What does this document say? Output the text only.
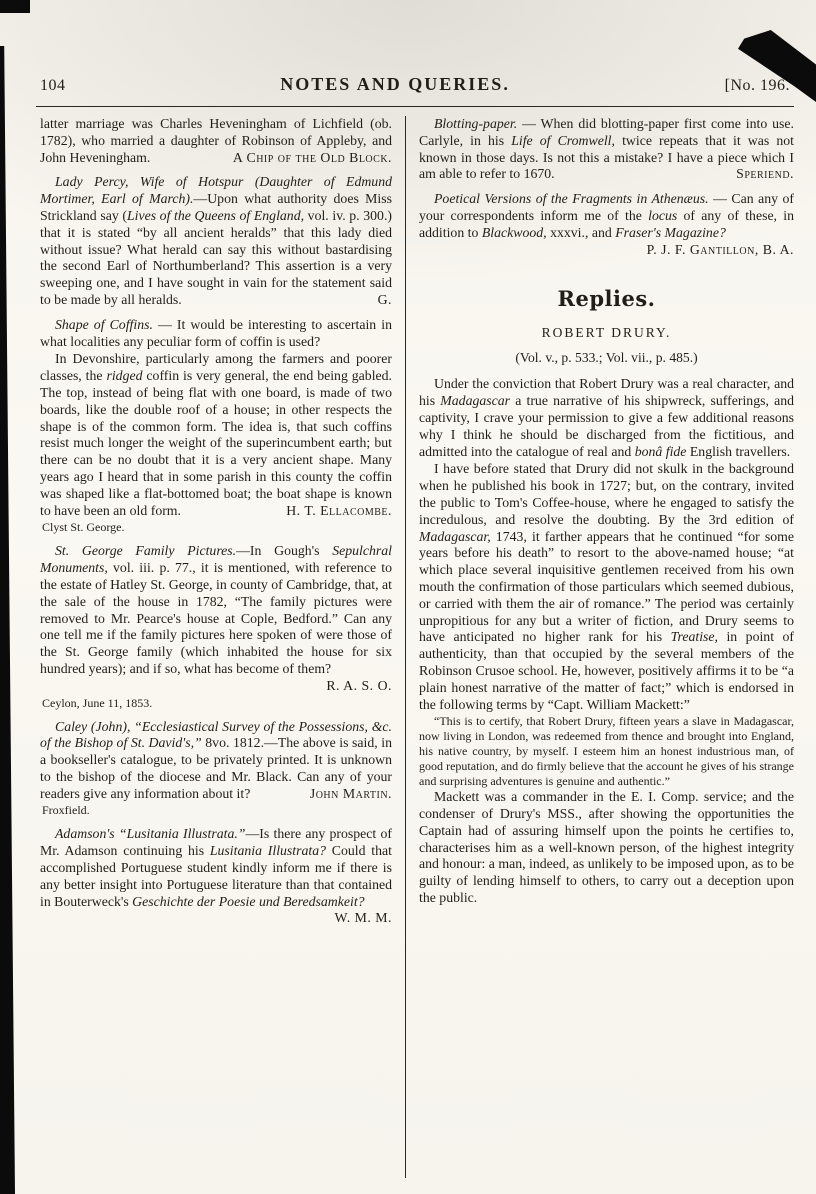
104	NOTES AND QUERIES.	[No. 196.

latter marriage was Charles Heveningham of Lichfield (ob. 1782), who married a daughter of Robinson of Appleby, and John Heveningham.	A Chip of the Old Block.

Lady Percy, Wife of Hotspur (Daughter of Edmund Mortimer, Earl of March).—Upon what authority does Miss Strickland say (Lives of the Queens of England, vol. iv. p. 300.) that it is stated “by all ancient heralds” that this lady died without issue? What herald can say this without bastardising the second Earl of Northumberland? This assertion is a very sweeping one, and I have sought in vain for the statement said to be made by all heralds.	G.

Shape of Coffins. — It would be interesting to ascertain in what localities any peculiar form of coffin is used?

In Devonshire, particularly among the farmers and poorer classes, the ridged coffin is very general, the end being gabled. The top, instead of being flat with one board, is made of two boards, like the double roof of a house; in other respects the shape is of the common form. The idea is, that such coffins resist much longer the weight of the superincumbent earth; but there can be no doubt that it is a very ancient shape. Many years ago I heard that in some parish in this county the coffin was shaped like a flat-bottomed boat; the boat shape is known to have been an old form.	H. T. Ellacombe.

Clyst St. George.

St. George Family Pictures.—In Gough's Sepulchral Monuments, vol. iii. p. 77., it is mentioned, with reference to the estate of Hatley St. George, in county of Cambridge, that, at the sale of the house in 1782, “The family pictures were removed to Mr. Pearce's house at Cople, Bedford.” Can any one tell me if the family pictures here spoken of were those of the St. George family (which inhabited the house for six hundred years); and if so, what has become of them?
R. A. S. O.

Ceylon, June 11, 1853.

Caley (John), “Ecclesiastical Survey of the Possessions, &c. of the Bishop of St. David's,” 8vo. 1812.—The above is said, in a bookseller's catalogue, to be privately printed. It is unknown to the bishop of the diocese and Mr. Black. Can any of your readers give any information about it?	John Martin.

Froxfield.

Adamson's “Lusitania Illustrata.”—Is there any prospect of Mr. Adamson continuing his Lusitania Illustrata? Could that accomplished Portuguese student kindly inform me if there is any better insight into Portuguese literature than that contained in Bouterweck's Geschichte der Poesie und Beredsamkeit?
W. M. M.

Blotting-paper. — When did blotting-paper first come into use. Carlyle, in his Life of Cromwell, twice repeats that it was not known in those days. Is not this a mistake? I have a piece which I am able to refer to 1670.	Speriend.

Poetical Versions of the Fragments in Athenæus. — Can any of your correspondents inform me of the locus of any of these, in addition to Blackwood, xxxvi., and Fraser's Magazine?
P. J. F. Gantillon, B. A.

Replies.
ROBERT DRURY.
(Vol. v., p. 533.; Vol. vii., p. 485.)

Under the conviction that Robert Drury was a real character, and his Madagascar a true narrative of his shipwreck, sufferings, and captivity, I crave your permission to give a few additional reasons why I think he should be discharged from the fictitious, and admitted into the catalogue of real and bonâ fide English travellers.

I have before stated that Drury did not skulk in the background when he published his book in 1727; but, on the contrary, invited the public to Tom's Coffee-house, where he engaged to satisfy the incredulous, and resolve the doubting. By the 3rd edition of Madagascar, 1743, it farther appears that he continued “for some years before his death” to resort to the above-named house; “at which place several inquisitive gentlemen received from his own mouth the confirmation of those particulars which seemed dubious, or carried with them the air of romance.” The period was certainly unpropitious for any but a writer of fiction, and Drury seems to have anticipated no higher rank for his Treatise, in point of authenticity, than that occupied by the several members of the Robinson Crusoe school. He, however, positively affirms it to be “a plain honest narrative of the matter of fact;” which is endorsed in the following terms by “Capt. William Mackett:”

“This is to certify, that Robert Drury, fifteen years a slave in Madagascar, now living in London, was redeemed from thence and brought into England, his native country, by myself. I esteem him an honest industrious man, of good reputation, and do firmly believe that the account he gives of his strange and surprising adventures is genuine and authentic.”

Mackett was a commander in the E. I. Comp. service; and the condenser of Drury's MSS., after showing the opportunities the Captain had of assuring himself upon the points he certifies to, characterises him as a well-known person, of the highest integrity and honour: a man, indeed, as unlikely to be imposed upon, as to be guilty of lending himself to others, to carry out a deception upon the public.
